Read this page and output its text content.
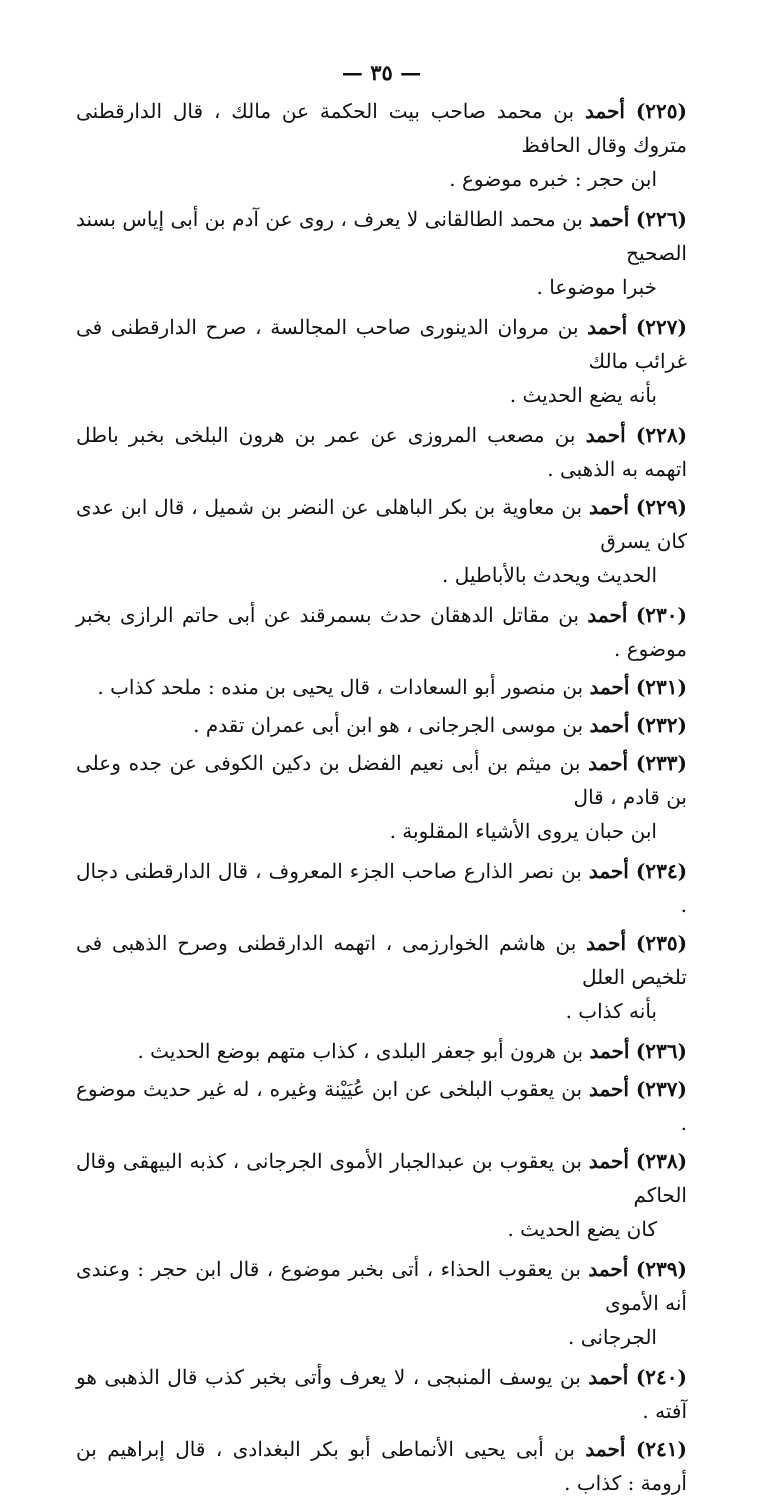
— ٣٥ —
(٢٢٥) أحمد بن محمد صاحب بيت الحكمة عن مالك ، قال الدارقطنى متروك وقال الحافظ
ابن حجر : خبره موضوع .
(٢٢٦) أحمد بن محمد الطالقانى لا يعرف ، روى عن آدم بن أبى إياس بسند الصحيح
خبرا موضوعا .
(٢٢٧) أحمد بن مروان الدينورى صاحب المجالسة ، صرح الدارقطنى فى غرائب مالك
بأنه يضع الحديث .
(٢٢٨) أحمد بن مصعب المروزى عن عمر بن هرون البلخى بخبر باطل اتهمه به الذهبى .
(٢٢٩) أحمد بن معاوية بن بكر الباهلى عن النضر بن شميل ، قال ابن عدى كان يسرق
الحديث ويحدث بالأباطيل .
(٢٣٠) أحمد بن مقاتل الدهقان حدث بسمرقند عن أبى حاتم الرازى بخبر موضوع .
(٢٣١) أحمد بن منصور أبو السعادات ، قال يحيى بن منده : ملحد كذاب .
(٢٣٢) أحمد بن موسى الجرجانى ، هو ابن أبى عمران تقدم .
(٢٣٣) أحمد بن ميثم بن أبى نعيم الفضل بن دكين الكوفى عن جده وعلى بن قادم ، قال
ابن حبان يروى الأشياء المقلوبة .
(٢٣٤) أحمد بن نصر الذارع صاحب الجزء المعروف ، قال الدارقطنى دجال .
(٢٣٥) أحمد بن هاشم الخوارزمى ، اتهمه الدارقطنى وصرح الذهبى فى تلخيص العلل
بأنه كذاب .
(٢٣٦) أحمد بن هرون أبو جعفر البلدى ، كذاب متهم بوضع الحديث .
(٢٣٧) أحمد بن يعقوب البلخى عن ابن عُيَيْنة وغيره ، له غير حديث موضوع .
(٢٣٨) أحمد بن يعقوب بن عبدالجبار الأموى الجرجانى ، كذبه البيهقى وقال الحاكم
كان يضع الحديث .
(٢٣٩) أحمد بن يعقوب الحذاء ، أتى بخبر موضوع ، قال ابن حجر : وعندى أنه الأموى
الجرجانى .
(٢٤٠) أحمد بن يوسف المنبجى ، لا يعرف وأتى بخبر كذب قال الذهبى هو آفته .
(٢٤١) أحمد بن أبى يحيى الأنماطى أبو بكر البغدادى ، قال إبراهيم بن أرومة : كذاب .
